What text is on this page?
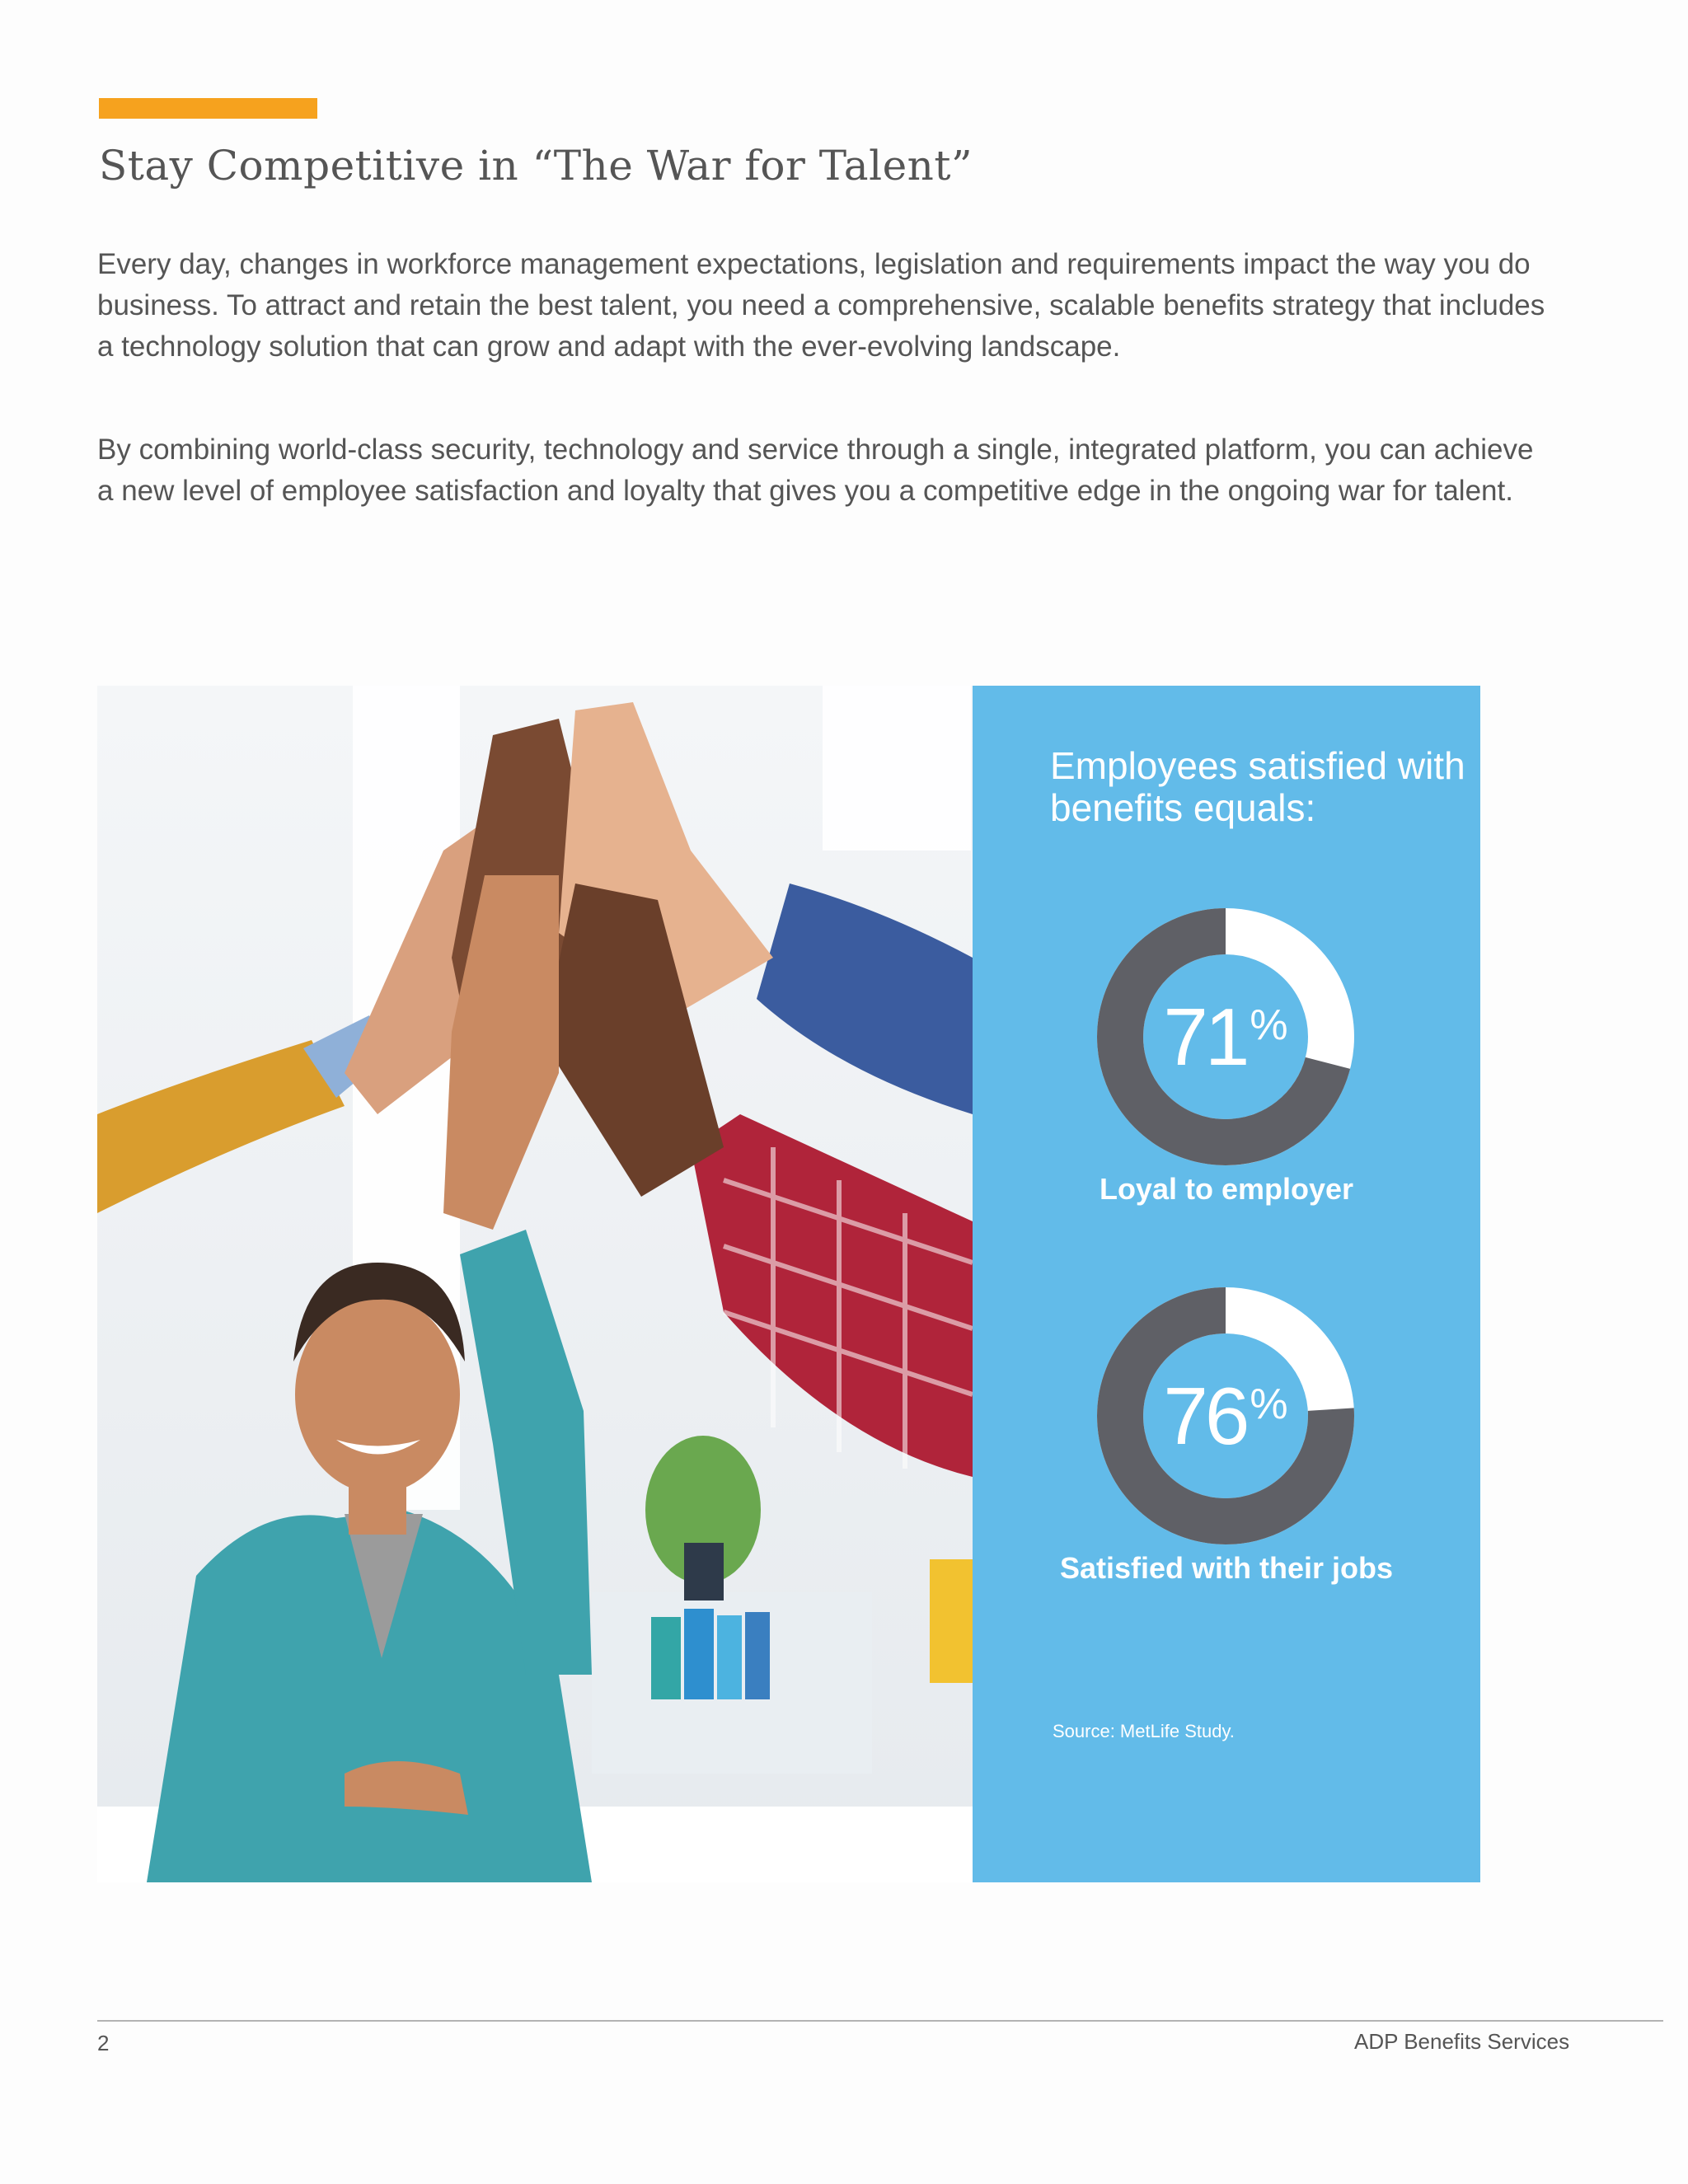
Stay Competitive in “The War for Talent”

Every day, changes in workforce management expectations, legislation and requirements impact the way you do business. To attract and retain the best talent, you need a comprehensive, scalable benefits strategy that includes a technology solution that can grow and adapt with the ever-evolving landscape.

By combining world-class security, technology and service through a single, integrated platform, you can achieve a new level of employee satisfaction and loyalty that gives you a competitive edge in the ongoing war for talent.

Employees satisfied with benefits equals:
71 %

Loyal to employer

76 %

Satisfied with their jobs

Source: MetLife Study.
2	ADP Benefits Services
